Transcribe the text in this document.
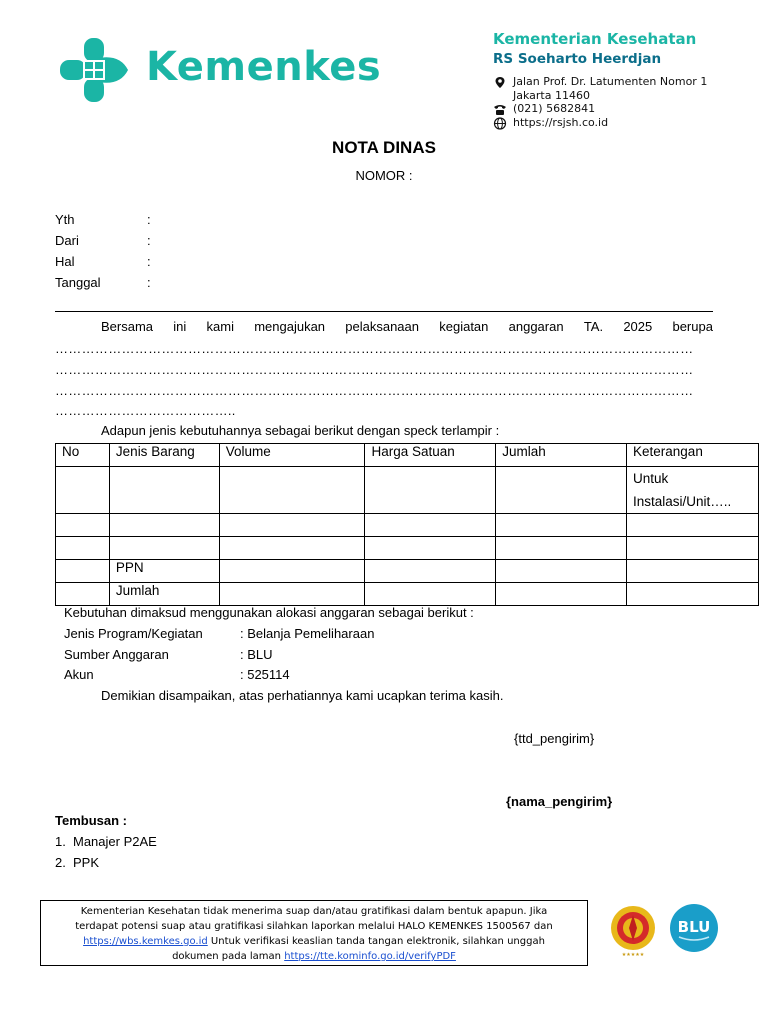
Kemenkes
Kementerian Kesehatan
RS Soeharto Heerdjan
Jalan Prof. Dr. Latumenten Nomor 1
Jakarta 11460
(021) 5682841
https://rsjsh.co.id
NOTA DINAS
NOMOR :
Yth	:
Dari	:
Hal	:
Tanggal	:
Bersama ini kami mengajukan pelaksanaan kegiatan anggaran TA. 2025 berupa
………………………………………………………………………………………………………………………………
………………………………………………………………………………………………………………………………
………………………………………………………………………………………………………………………………
…………………………………..
Adapun jenis kebutuhannya sebagai berikut dengan speck terlampir :
No	Jenis Barang	Volume	Harga Satuan	Jumlah	Keterangan

					Untuk
Instalasi/Unit…..

	PPN				
	Jumlah				
Kebutuhan dimaksud menggunakan alokasi anggaran sebagai berikut :
Jenis Program/Kegiatan	: Belanja Pemeliharaan
Sumber Anggaran	: BLU
Akun	: 525114
Demikian disampaikan, atas perhatiannya kami ucapkan terima kasih.
{ttd_pengirim}
{nama_pengirim}
Tembusan :
1. Manajer P2AE
2. PPK
Kementerian Kesehatan tidak menerima suap dan/atau gratifikasi dalam bentuk apapun. Jika
terdapat potensi suap atau gratifikasi silahkan laporkan melalui HALO KEMENKES 1500567 dan
https://wbs.kemkes.go.id Untuk verifikasi keaslian tanda tangan elektronik, silahkan unggah
dokumen pada laman https://tte.kominfo.go.id/verifyPDF	★★★★★
BLU
